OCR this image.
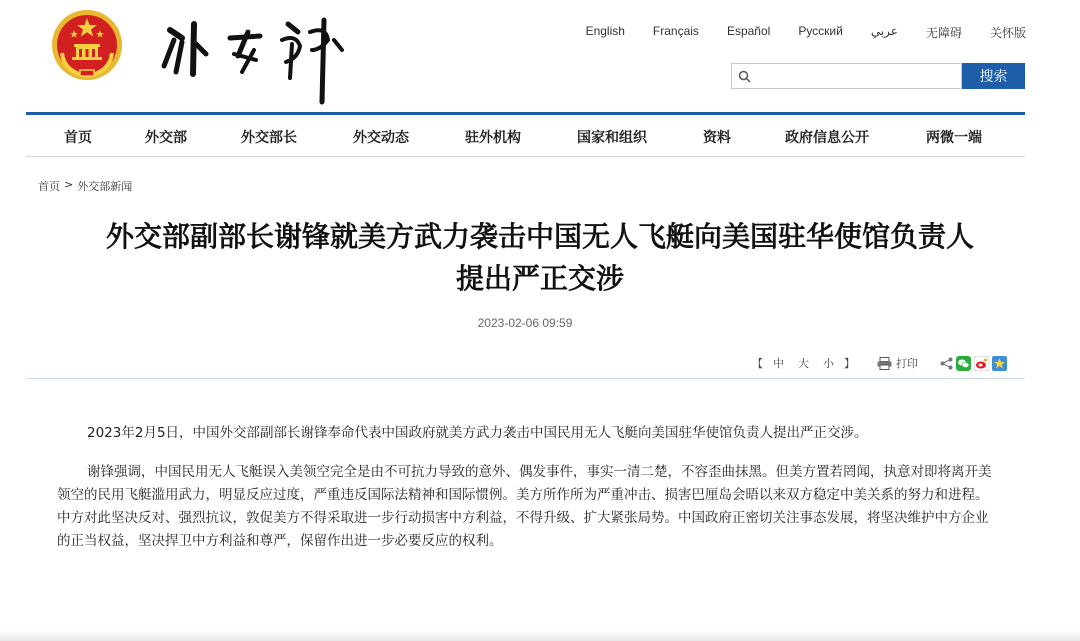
English Français Español Русский عربي 无障碍 关怀版
搜索
首页	外交部	外交部长	外交动态	驻外机构	国家和组织	资料	政府信息公开	两微一端
首页 > 外交部新闻
外交部副部长谢锋就美方武力袭击中国无人飞艇向美国驻华使馆负责人
提出严正交涉
2023-02-06 09:59
【 中 大 小 】	打印

2023年2月5日，中国外交部副部长谢锋奉命代表中国政府就美方武力袭击中国民用无人飞艇向美国驻华使馆负责人提出严正交涉。

谢锋强调，中国民用无人飞艇误入美领空完全是由不可抗力导致的意外、偶发事件，事实一清二楚，不容歪曲抹黑。但美方置若罔闻，执意对即将离开美领空的民用飞艇滥用武力，明显反应过度，严重违反国际法精神和国际惯例。美方所作所为严重冲击、损害巴厘岛会晤以来双方稳定中美关系的努力和进程。中方对此坚决反对、强烈抗议，敦促美方不得采取进一步行动损害中方利益，不得升级、扩大紧张局势。中国政府正密切关注事态发展，将坚决维护中方企业的正当权益，坚决捍卫中方利益和尊严，保留作出进一步必要反应的权利。
